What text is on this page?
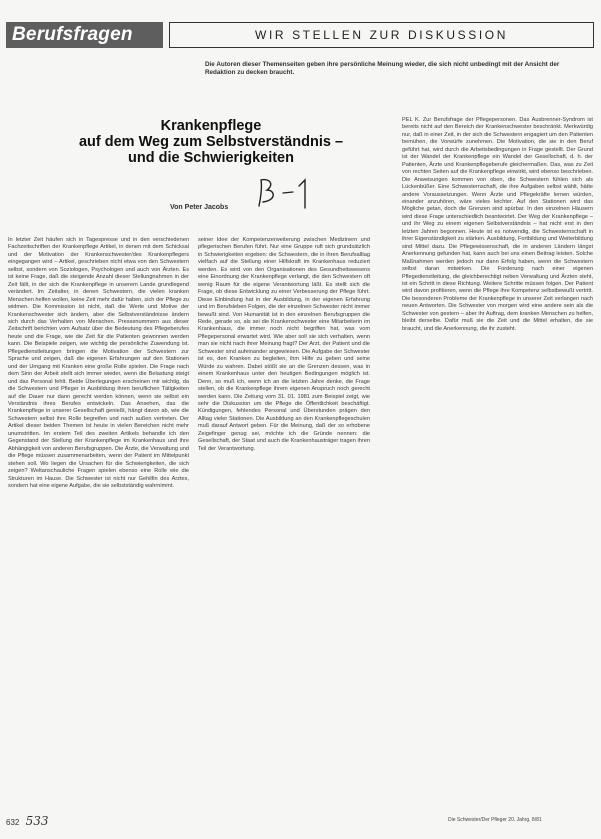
Berufsfragen	WIR STELLEN ZUR DISKUSSION
Die Autoren dieser Themenseiten geben ihre persönliche Meinung wieder, die sich nicht unbedingt mit der Ansicht der Redaktion zu decken braucht.
Krankenpflege
auf dem Weg zum Selbstverständnis –
und die Schwierigkeiten
Von Peter Jacobs

In letzter Zeit häufen sich in Tagespresse und in den verschiedenen Fachzeitschriften der Krankenpflege Artikel, in denen mit dem Schicksal und der Motivation der Krankenschwester/des Krankenpflegers eingegangen wird – Artikel, geschrieben nicht etwa von den Schwestern selbst, sondern von Soziologen, Psychologen und auch von Ärzten. Es ist keine Frage, daß die steigende Anzahl dieser Stellungnahmen in der Zeit fällt, in der sich die Krankenpflege in unserem Lande grundlegend verändert. Im Zeitalter, in denen Schwestern, die vielen kranken Menschen helfen wollen, keine Zeit mehr dafür haben, sich der Pflege zu widmen. Die Kommission ist nicht, daß die Werte und Motive der Krankenschwester sich ändern, aber die Selbstverständnisse ändern sich durch das Verhalten von Menschen. Pressenummern aus dieser Zeitschrift berichten vom Aufsatz über die Bedeutung des Pflegeberufes heute und die Frage, wie die Zeit für die Patienten gewonnen werden kann. Die Beispiele zeigen, wie wichtig die persönliche Zuwendung ist. Pflegedienstleitungen bringen die Motivation der Schwestern zur Sprache und zeigen, daß die eigenen Erfahrungen auf den Stationen und der Umgang mit Kranken eine große Rolle spielen. Die Frage nach dem Sinn der Arbeit stellt sich immer wieder, wenn die Belastung steigt und das Personal fehlt. Beide Überlegungen erscheinen mir wichtig, da die Schwestern und Pfleger in Ausbildung ihren beruflichen Tätigkeiten auf die Dauer nur dann gerecht werden können, wenn sie selbst ein Verständnis ihres Berufes entwickeln. Das Ansehen, das die Krankenpflege in unserer Gesellschaft genießt, hängt davon ab, wie die Schwestern selbst ihre Rolle begreifen und nach außen vertreten. Der Artikel dieser beiden Themen ist heute in vielen Bereichen nicht mehr unumstritten. Im erstem Teil des zweiten Artikels behandle ich den Gegenstand der Stellung der Krankenpflege im Krankenhaus und ihre Abhängigkeit von anderen Berufsgruppen. Die Ärzte, die Verwaltung und die Pflege müssen zusammenarbeiten, wenn der Patient im Mittelpunkt stehen soll. Wo liegen die Ursachen für die Schwierigkeiten, die sich zeigen? Weltanschauliche Fragen spielen ebenso eine Rolle wie die Strukturen im Hause. Die Schwester ist nicht nur Gehilfin des Arztes, sondern hat eine eigene Aufgabe, die sie selbstständig wahrnimmt.

seiner Idee der Kompetenzerweiterung zwischen Medizinern und pflegerischen Berufen führt. Nur eine Gruppe ruft sich grundsätzlich in Schwierigkeiten ergeben: die Schwestern, die in ihren Berufsalltag vielfach auf die Stellung einer Hilfskraft im Krankenhaus reduziert werden. Es wird von den Organisationen des Gesundheitswesens eine Einordnung der Krankenpflege verlangt, die den Schwestern oft wenig Raum für die eigene Verantwortung läßt. Es stellt sich die Frage, ob diese Entwicklung zu einer Verbesserung der Pflege führt. Diese Einbindung hat in der Ausbildung, in der eigenen Erfahrung und im Berufsleben Folgen, die der einzelnen Schwester nicht immer bewußt sind. Von Humanität ist in den einzelnen Berufsgruppen die Rede, gerade so, als sei die Krankenschwester eine Mitarbeiterin im Krankenhaus, die immer noch nicht begriffen hat, was vom Pflegepersonal erwartet wird. Wie aber soll sie sich verhalten, wenn man sie nicht nach ihrer Meinung fragt? Der Arzt, der Patient und die Schwester sind aufeinander angewiesen. Die Aufgabe der Schwester ist es, den Kranken zu begleiten, ihm Hilfe zu geben und seine Würde zu wahren. Dabei stößt sie an die Grenzen dessen, was in einem Krankenhaus unter den heutigen Bedingungen möglich ist. Denn, so muß ich, wenn ich an die letzten Jahre denke, die Frage stellen, ob die Krankenpflege ihrem eigenen Anspruch noch gerecht werden kann. Die Zeitung vom 31. 01. 1981 zum Beispiel zeigt, wie sehr die Diskussion um die Pflege die Öffentlichkeit beschäftigt. Kündigungen, fehlendes Personal und Überstunden prägen den Alltag vieler Stationen. Die Ausbildung an den Krankenpflegeschulen muß darauf Antwort geben. Für die Meinung, daß der so erhobene Zeigefinger genug sei, möchte ich die Gründe nennen: die Gesellschaft, der Staat und auch die Krankenhausträger tragen ihren Teil der Verantwortung.

PEL K. Zur Berufsfrage der Pflegepersonen. Das Ausbrenner-Syndrom ist bereits nicht auf den Bereich der Krankenschwester beschränkt. Merkwürdig nur, daß in einer Zeit, in der sich die Schwestern engagiert um den Patienten bemühen, die Vorwürfe zunehmen. Die Motivation, die sie in den Beruf geführt hat, wird durch die Arbeitsbedingungen in Frage gestellt. Der Grund ist der Wandel der Krankenpflege ein Wandel der Gesellschaft, d. h. der Patienten, Ärzte und Krankenpflegeberufe gleichermaßen. Das, was zu Zeit von rechten Seiten auf die Krankenpflege einwirkt, wird ebenso beschrieben. Die Anweisungen kommen von oben, die Schwestern fühlen sich als Lückenbüßer. Eine Schwesternschaft, die ihre Aufgaben selbst wählt, hätte andere Voraussetzungen. Wenn Ärzte und Pflegekräfte lernen würden, einander anzuhören, wäre vieles leichter. Auf den Stationen wird das Mögliche getan, doch die Grenzen sind spürbar. In den einzelnen Häusern wird diese Frage unterschiedlich beantwortet. Der Weg der Krankenpflege – und ihr Weg zu einem eigenen Selbstverständnis – hat nicht erst in den letzten Jahren begonnen. Heute ist es notwendig, die Schwesternschaft in ihrer Eigenständigkeit zu stärken. Ausbildung, Fortbildung und Weiterbildung sind Mittel dazu. Die Pflegewissenschaft, die in anderen Ländern längst Anerkennung gefunden hat, kann auch bei uns einen Beitrag leisten. Solche Maßnahmen werden jedoch nur dann Erfolg haben, wenn die Schwestern selbst daran mitwirken. Die Forderung nach einer eigenen Pflegedienstleitung, die gleichberechtigt neben Verwaltung und Ärzten steht, ist ein Schritt in diese Richtung. Weitere Schritte müssen folgen. Der Patient wird davon profitieren, wenn die Pflege ihre Kompetenz selbstbewußt vertritt. Die besonderen Probleme der Krankenpflege in unserer Zeit verlangen nach neuen Antworten. Die Schwester von morgen wird eine andere sein als die Schwester von gestern – aber ihr Auftrag, dem kranken Menschen zu helfen, bleibt derselbe. Dafür muß sie die Zeit und die Mittel erhalten, die sie braucht, und die Anerkennung, die ihr zusteht.

632 533	Die Schwester/Der Pfleger 20. Jahrg. 8/81
